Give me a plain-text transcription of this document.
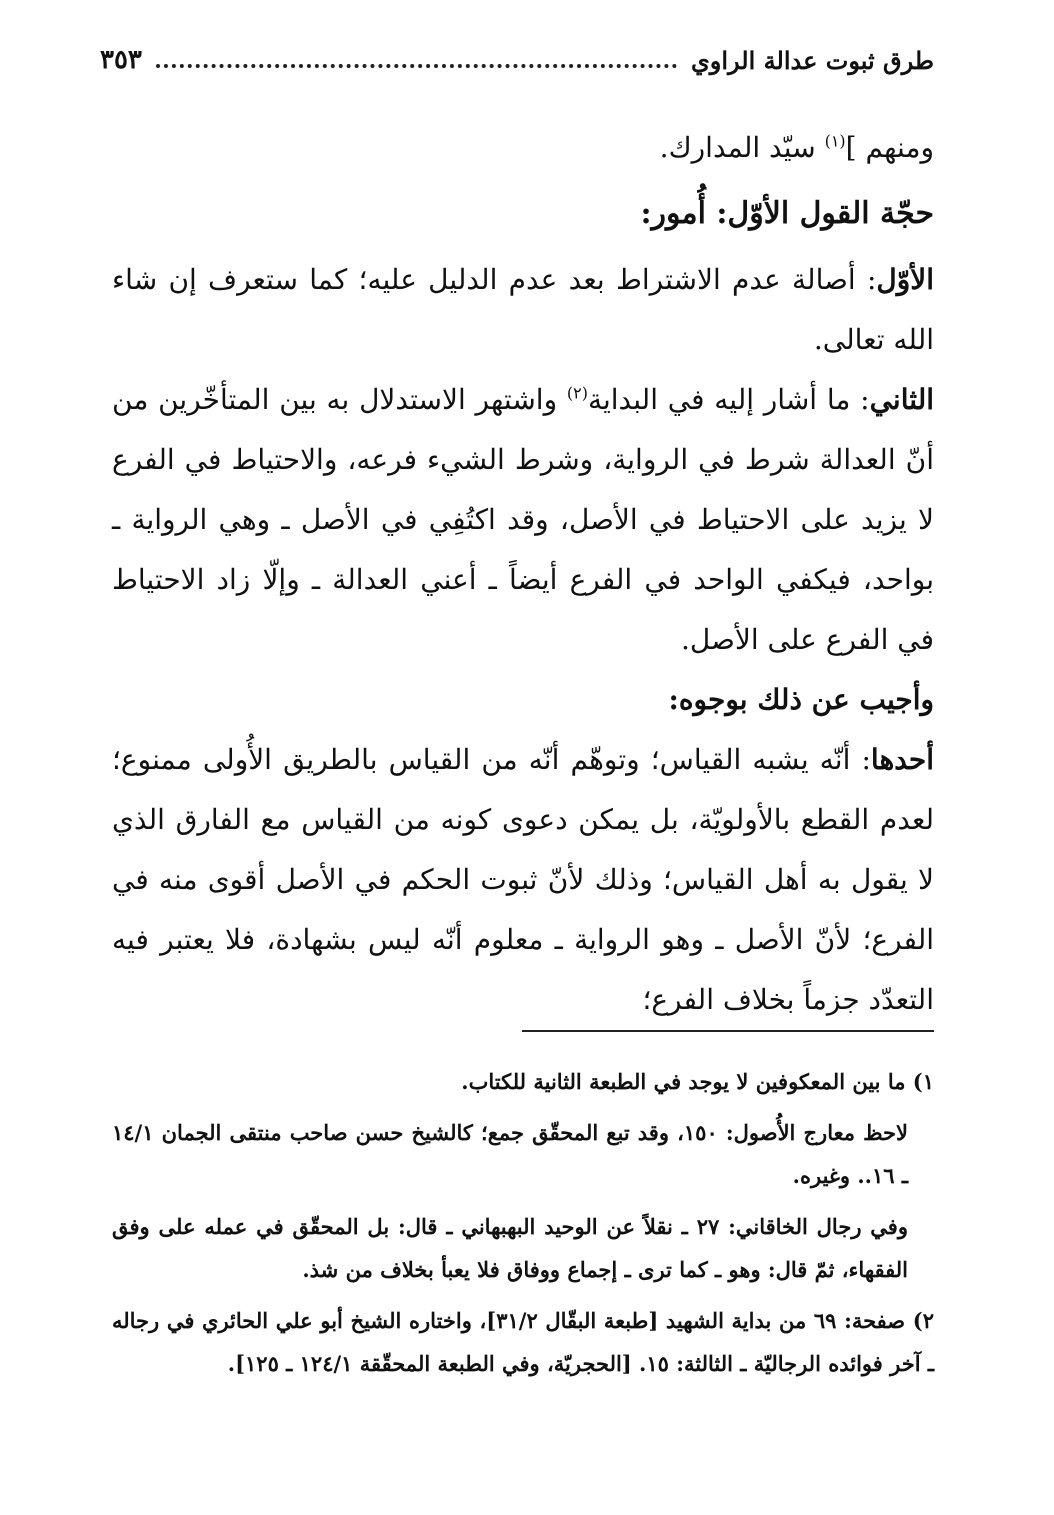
طرق ثبوت عدالة الراوي
٣٥٣

ومنهم ]$^{(١)}$ سيّد المدارك.

حجّة القول الأوّل: أُمور:

الأوّل: أصالة عدم الاشتراط بعد عدم الدليل عليه؛ كما ستعرف إن شاء الله تعالى.

الثاني: ما أشار إليه في البداية$^{(٢)}$ واشتهر الاستدلال به بين المتأخّرين من أنّ العدالة شرط في الرواية، وشرط الشيء فرعه، والاحتياط في الفرع لا يزيد على الاحتياط في الأصل، وقد اكتُفِي في الأصل ـ وهي الرواية ـ بواحد، فيكفي الواحد في الفرع أيضاً ـ أعني العدالة ـ وإلّا زاد الاحتياط في الفرع على الأصل.

وأجيب عن ذلك بوجوه:

أحدها: أنّه يشبه القياس؛ وتوهّم أنّه من القياس بالطريق الأُولى ممنوع؛ لعدم القطع بالأولويّة، بل يمكن دعوى كونه من القياس مع الفارق الذي لا يقول به أهل القياس؛ وذلك لأنّ ثبوت الحكم في الأصل أقوى منه في الفرع؛ لأنّ الأصل ـ وهو الرواية ـ معلوم أنّه ليس بشهادة، فلا يعتبر فيه التعدّد جزماً بخلاف الفرع؛

١) ما بين المعكوفين لا يوجد في الطبعة الثانية للكتاب.

لاحظ معارج الأُصول: ١٥٠، وقد تبع المحقّق جمع؛ كالشيخ حسن صاحب منتقى الجمان ١٤/١ ـ ١٦.. وغيره.

وفي رجال الخاقاني: ٢٧ ـ نقلاً عن الوحيد البهبهاني ـ قال: بل المحقّق في عمله على وفق الفقهاء، ثمّ قال: وهو ـ كما ترى ـ إجماع ووفاق فلا يعبأ بخلاف من شذ.

٢) صفحة: ٦٩ من بداية الشهيد [طبعة البقّال ٣١/٢]، واختاره الشيخ أبو علي الحائري في رجاله ـ آخر فوائده الرجاليّة ـ الثالثة: ١٥. [الحجريّة، وفي الطبعة المحقّقة ١٢٤/١ ـ ١٢٥].
